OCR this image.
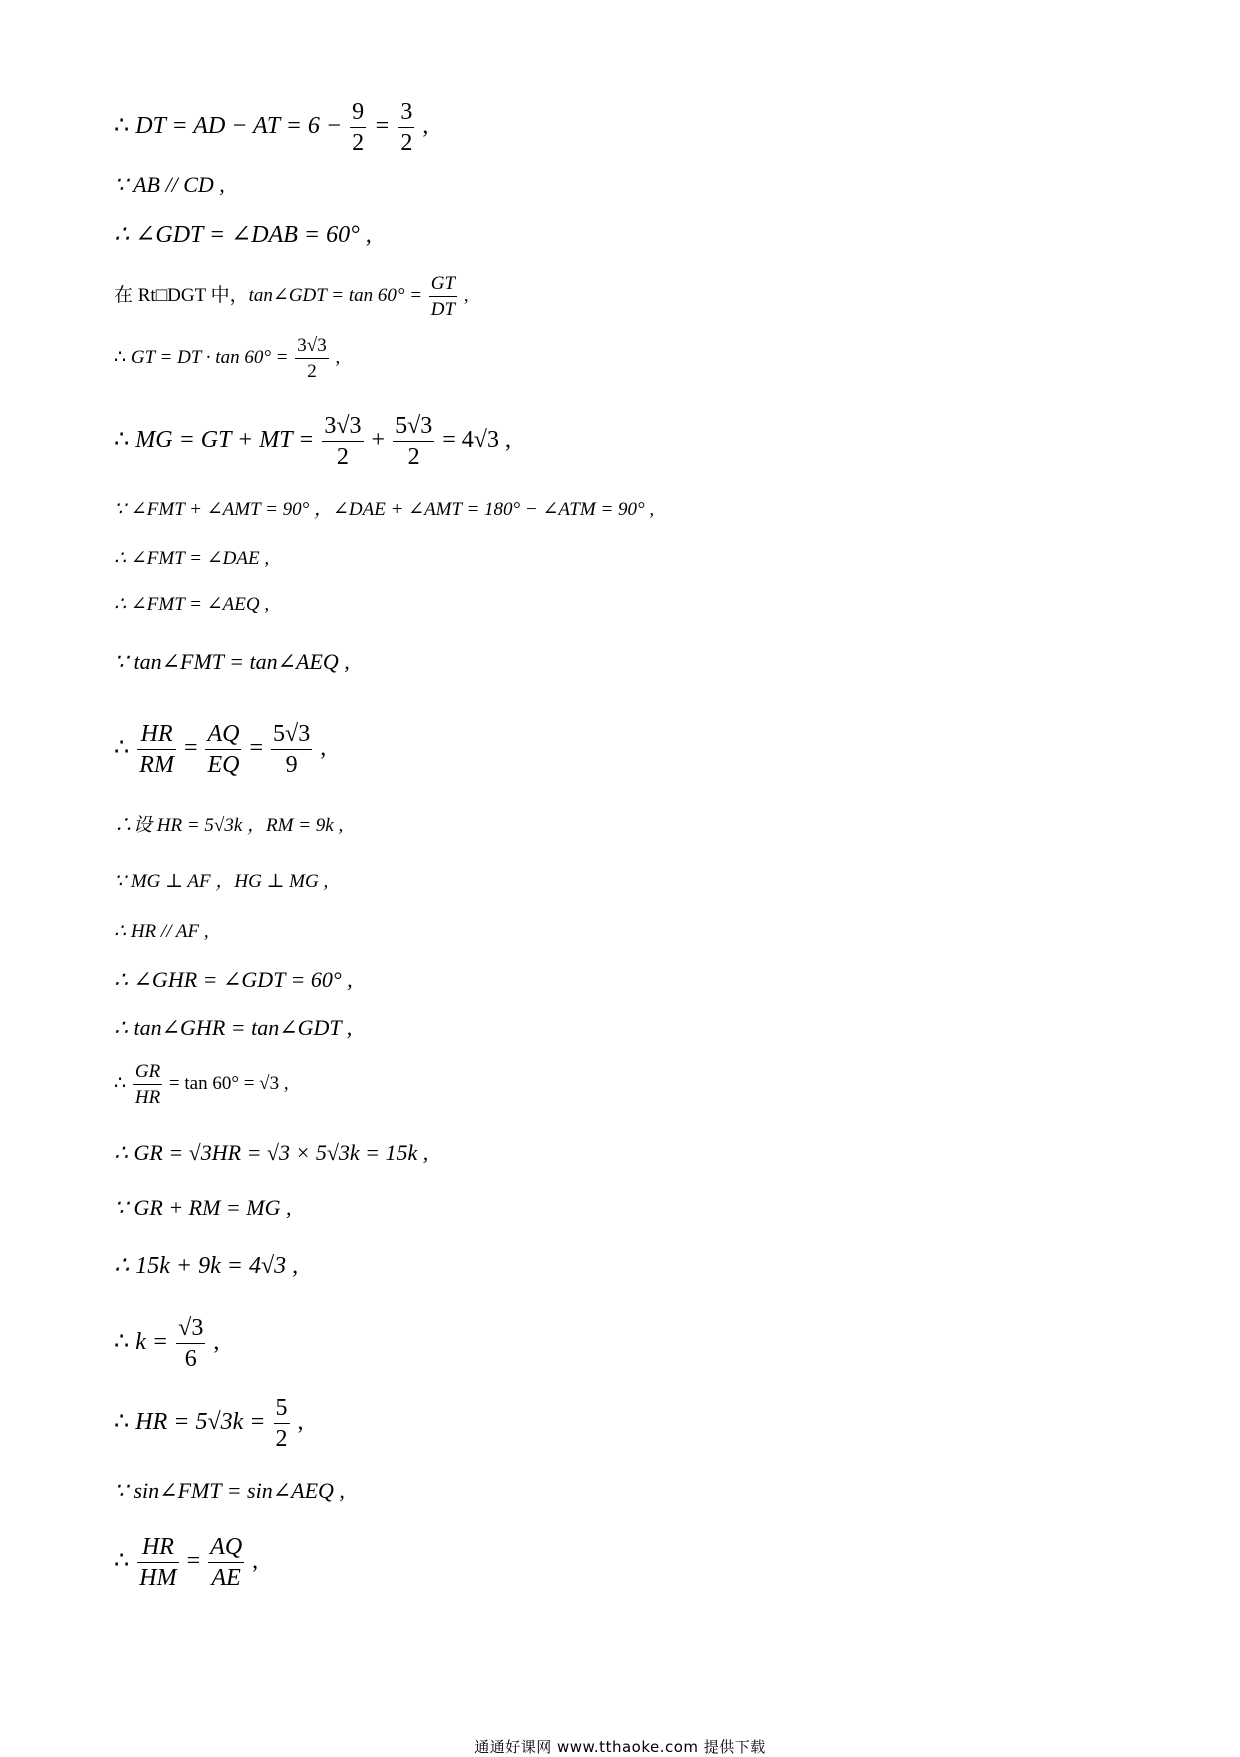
∴ DT = AD − AT = $6 - \frac{9}{2} = \frac{3}{2}$ ,
∵ AB // CD ,
∴ ∠GDT = ∠DAB = 60° ,
在 Rt□DGT 中，tan∠GDT = $\tan 60^\circ = \frac{GT}{DT}$ ,
∴ GT = DT · $\tan 60^\circ = \frac{3√3}{2}$ ,
∴ MG = GT + MT = $\frac{3√3}{2} + \frac{5√3}{2} = 4√3$ ,
∵ ∠FMT + ∠AMT = 90° ，∠DAE + ∠AMT = 180° − ∠ATM = 90° ,
∴ ∠FMT = ∠DAE ,
∴ ∠FMT = ∠AEQ ,
∵ tan∠FMT = tan∠AEQ ,
∴ $\frac{HR}{RM} = \frac{AQ}{EQ} = \frac{5√3}{9}$ ,
∴设 HR = 5√3k ，RM = 9k ,
∵ MG ⊥ AF ，HG ⊥ MG ,
∴ HR // AF ,
∴ ∠GHR = ∠GDT = 60° ,
∴ tan∠GHR = tan∠GDT ,
∴ $\frac{GR}{HR} = \tan 60^\circ = √3$ ,
∴ GR = √3HR = √3 × 5√3k = 15k ,
∵ GR + RM = MG ,
∴ 15k + 9k = 4√3 ,
∴ $k = \frac{√3}{6}$ ,
∴ HR = $5√3k = \frac{5}{2}$ ,
∵ sin∠FMT = sin∠AEQ ,
∴ $\frac{HR}{HM} = \frac{AQ}{AE}$ ,
通通好课网 www.tthaoke.com 提供下载
